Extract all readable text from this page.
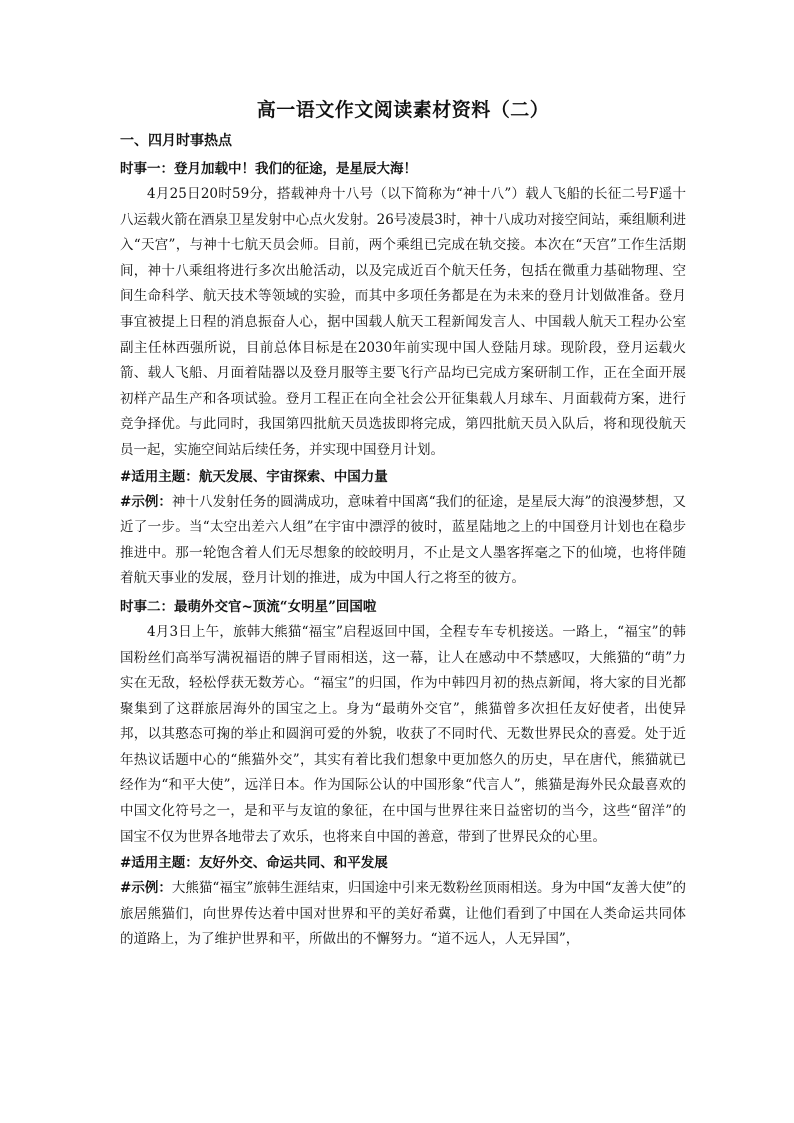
高一语文作文阅读素材资料（二）
一、四月时事热点
时事一：登月加载中！我们的征途，是星辰大海！

4月25日20时59分，搭载神舟十八号（以下简称为“神十八”）载人飞船的长征二号F遥十八运载火箭在酒泉卫星发射中心点火发射。26号凌晨3时，神十八成功对接空间站，乘组顺利进入“天宫”，与神十七航天员会师。目前，两个乘组已完成在轨交接。本次在“天宫”工作生活期间，神十八乘组将进行多次出舱活动，以及完成近百个航天任务，包括在微重力基础物理、空间生命科学、航天技术等领域的实验，而其中多项任务都是在为未来的登月计划做准备。登月事宜被提上日程的消息振奋人心，据中国载人航天工程新闻发言人、中国载人航天工程办公室副主任林西强所说，目前总体目标是在2030年前实现中国人登陆月球。现阶段，登月运载火箭、载人飞船、月面着陆器以及登月服等主要飞行产品均已完成方案研制工作，正在全面开展初样产品生产和各项试验。登月工程正在向全社会公开征集载人月球车、月面载荷方案，进行竞争择优。与此同时，我国第四批航天员选拔即将完成，第四批航天员入队后，将和现役航天员一起，实施空间站后续任务，并实现中国登月计划。

#适用主题：航天发展、宇宙探索、中国力量

#示例：神十八发射任务的圆满成功，意味着中国离“我们的征途，是星辰大海”的浪漫梦想，又近了一步。当“太空出差六人组”在宇宙中漂浮的彼时，蓝星陆地之上的中国登月计划也在稳步推进中。那一轮饱含着人们无尽想象的皎皎明月，不止是文人墨客挥毫之下的仙境，也将伴随着航天事业的发展，登月计划的推进，成为中国人行之将至的彼方。

时事二：最萌外交官~顶流“女明星”回国啦

4月3日上午，旅韩大熊猫“福宝”启程返回中国，全程专车专机接送。一路上，“福宝”的韩国粉丝们高举写满祝福语的牌子冒雨相送，这一幕，让人在感动中不禁感叹，大熊猫的“萌”力实在无敌，轻松俘获无数芳心。“福宝”的归国，作为中韩四月初的热点新闻，将大家的目光都聚集到了这群旅居海外的国宝之上。身为“最萌外交官”，熊猫曾多次担任友好使者，出使异邦，以其憨态可掬的举止和圆润可爱的外貌，收获了不同时代、无数世界民众的喜爱。处于近年热议话题中心的“熊猫外交”，其实有着比我们想象中更加悠久的历史，早在唐代，熊猫就已经作为“和平大使”，远洋日本。作为国际公认的中国形象“代言人”，熊猫是海外民众最喜欢的中国文化符号之一，是和平与友谊的象征，在中国与世界往来日益密切的当今，这些“留洋”的国宝不仅为世界各地带去了欢乐，也将来自中国的善意，带到了世界民众的心里。

#适用主题：友好外交、命运共同、和平发展

#示例：大熊猫“福宝”旅韩生涯结束，归国途中引来无数粉丝顶雨相送。身为中国“友善大使”的旅居熊猫们，向世界传达着中国对世界和平的美好希冀，让他们看到了中国在人类命运共同体的道路上，为了维护世界和平，所做出的不懈努力。“道不远人，人无异国”，
